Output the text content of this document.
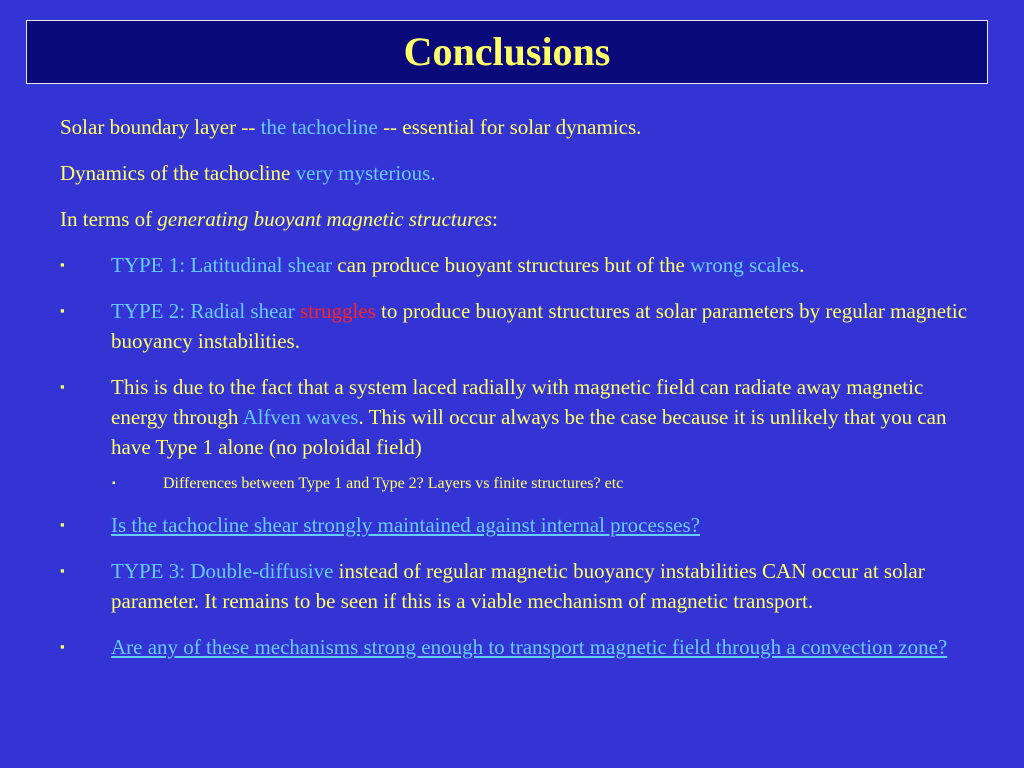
Conclusions

Solar boundary layer -- the tachocline -- essential for solar dynamics.

Dynamics of the tachocline very mysterious.

In terms of generating buoyant magnetic structures:

▪ TYPE 1: Latitudinal shear can produce buoyant structures but of the wrong scales.
▪ TYPE 2: Radial shear struggles to produce buoyant structures at solar parameters by regular magnetic buoyancy instabilities.
▪ This is due to the fact that a system laced radially with magnetic field can radiate away magnetic energy through Alfven waves. This will occur always be the case because it is unlikely that you can have Type 1 alone (no poloidal field)
▪	Differences between Type 1 and Type 2? Layers vs finite structures? etc
▪ Is the tachocline shear strongly maintained against internal processes?
▪ TYPE 3: Double-diffusive instead of regular magnetic buoyancy instabilities CAN occur at solar parameter. It remains to be seen if this is a viable mechanism of magnetic transport.
▪ Are any of these mechanisms strong enough to transport magnetic field through a convection zone?
